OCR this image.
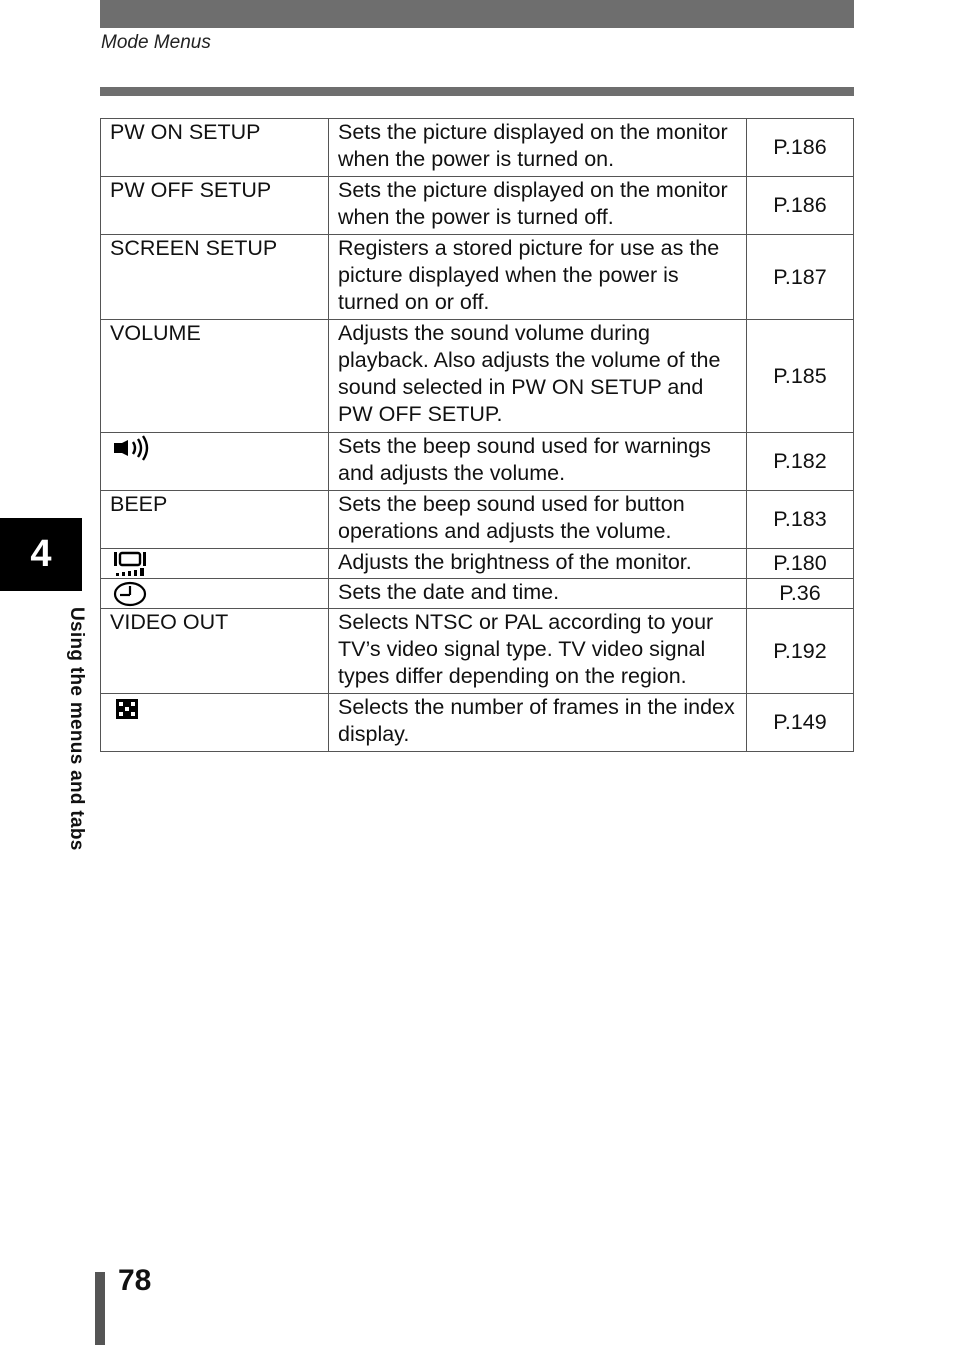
Mode Menus
PW ON SETUP	Sets the picture displayed on the monitor when the power is turned on.	P.186
PW OFF SETUP	Sets the picture displayed on the monitor when the power is turned off.	P.186
SCREEN SETUP	Registers a stored picture for use as the picture displayed when the power is turned on or off.	P.187
VOLUME	Adjusts the sound volume during playback. Also adjusts the volume of the sound selected in PW ON SETUP and PW OFF SETUP.	P.185

	Sets the beep sound used for warnings and adjusts the volume.	P.182
BEEP	Sets the beep sound used for button operations and adjusts the volume.	P.183

	Adjusts the brightness of the monitor.	P.180

	Sets the date and time.	P.36
VIDEO OUT	Selects NTSC or PAL according to your TV’s video signal type. TV video signal types differ depending on the region.	P.192

	Selects the number of frames in the index display.	P.149
4
Using the menus and tabs
78
